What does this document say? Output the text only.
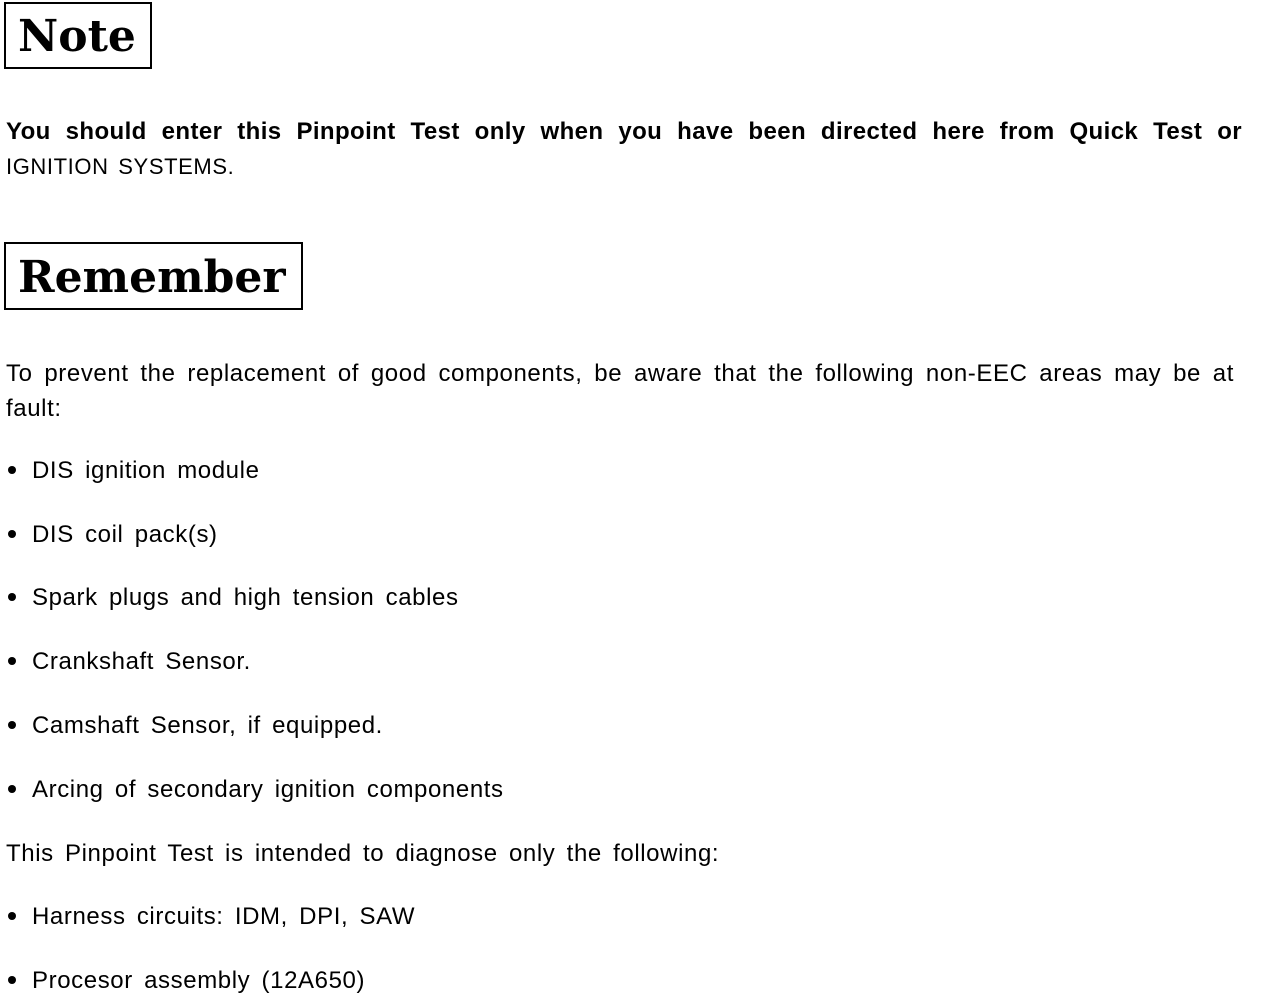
Note
You should enter this Pinpoint Test only when you have been directed here from Quick Test or IGNITION SYSTEMS.
Remember
To prevent the replacement of good components, be aware that the following non-EEC areas may be at fault:
DIS ignition module
DIS coil pack(s)
Spark plugs and high tension cables
Crankshaft Sensor.
Camshaft Sensor, if equipped.
Arcing of secondary ignition components
This Pinpoint Test is intended to diagnose only the following:
Harness circuits: IDM, DPI, SAW
Procesor assembly (12A650)
